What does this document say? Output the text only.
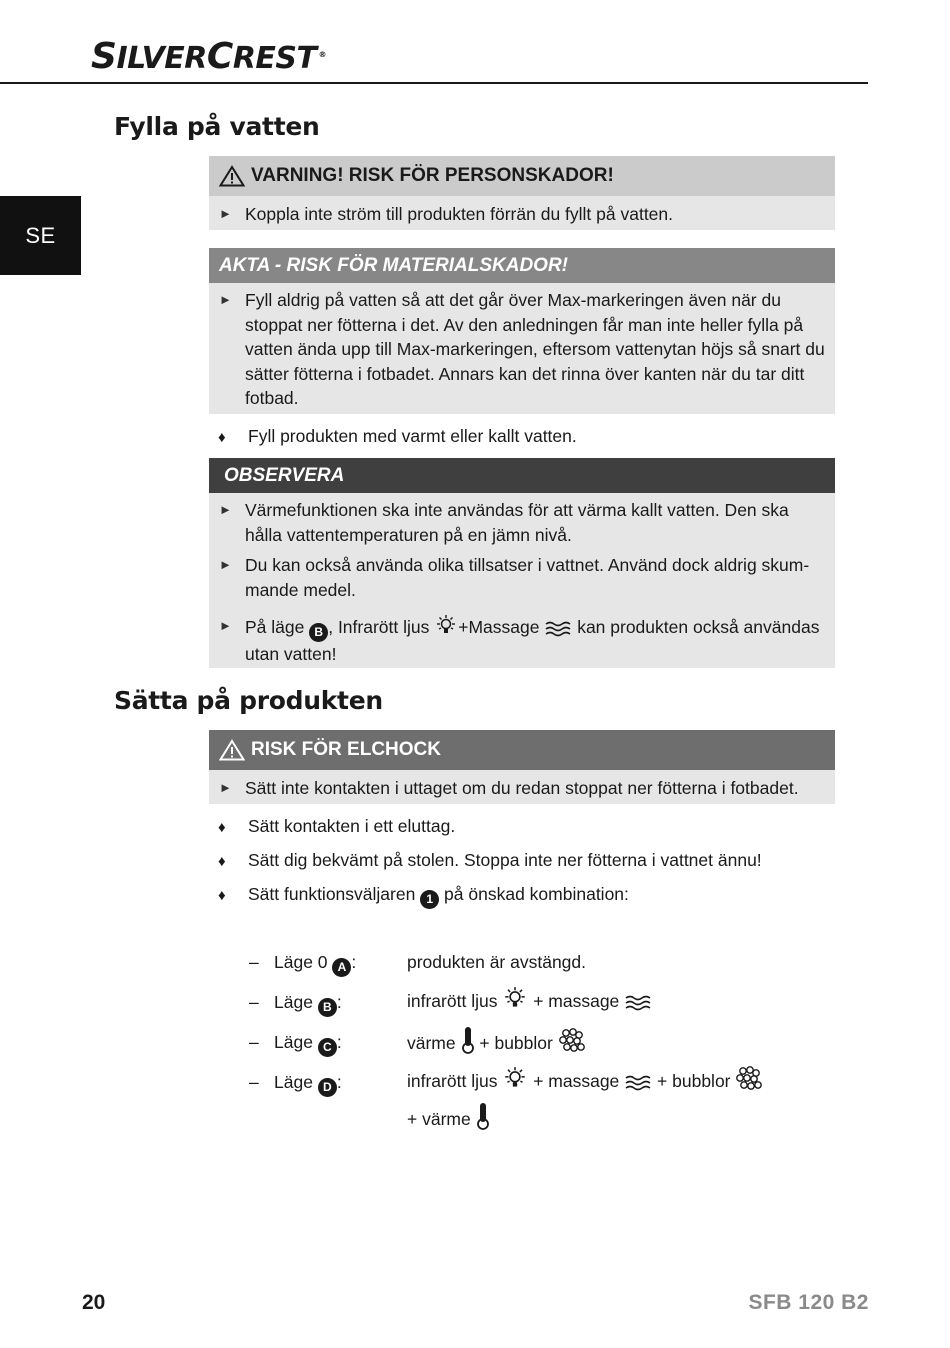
SILVERCREST ®
SE
Fylla på vatten
VARNING! RISK FÖR PERSONSKADOR!
► Koppla inte ström till produkten förrän du fyllt på vatten.
AKTA - RISK FÖR MATERIALSKADOR!
► Fyll aldrig på vatten så att det går över Max-markeringen även när du stoppat ner fötterna i det. Av den anledningen får man inte heller fylla på vatten ända upp till Max-markeringen, eftersom vattenytan höjs så snart du sätter fötterna i fotbadet. Annars kan det rinna över kanten när du tar ditt fotbad.
♦ Fyll produkten med varmt eller kallt vatten.
OBSERVERA
► Värmefunktionen ska inte användas för att värma kallt vatten. Den ska hålla vattentemperaturen på en jämn nivå.
► Du kan också använda olika tillsatser i vattnet. Använd dock aldrig skum-mande medel.
► På läge B , Infrarött ljus +Massage  kan produkten också användas utan vatten!
Sätta på produkten
RISK FÖR ELCHOCK
► Sätt inte kontakten i uttaget om du redan stoppat ner fötterna i fotbadet.
♦ Sätt kontakten i ett eluttag.
♦ Sätt dig bekvämt på stolen. Stoppa inte ner fötterna i vattnet ännu!
♦ Sätt funktionsväljaren 1 på önskad kombination:
– Läge 0 A :	produkten är avstängd.
– Läge B :	infrarött ljus + massage
– Läge C :	värme + bubblor
– Läge D :	infrarött ljus + massage + bubblor
+ värme
20	SFB 120 B2
